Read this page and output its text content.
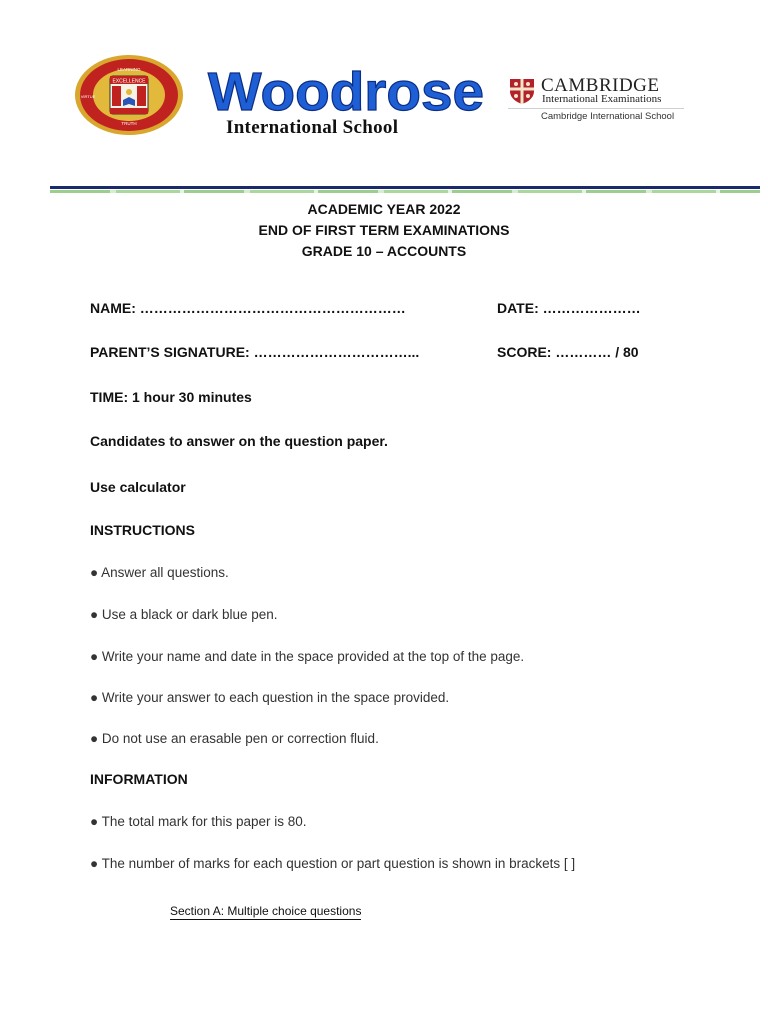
EXCELLENCE
LEARNING
TRUTH
VIRTUE Woodrose
International School
CAMBRIDGE
International Examinations
Cambridge International School
ACADEMIC YEAR 2022
END OF FIRST TERM EXAMINATIONS
GRADE 10 – ACCOUNTS
NAME: …………………………………………………	DATE: …………………
PARENT’S SIGNATURE: ……………………………...	SCORE: ………… / 80
TIME: 1 hour 30 minutes
Candidates to answer on the question paper.
Use calculator
INSTRUCTIONS
● Answer all questions.
● Use a black or dark blue pen.
● Write your name and date in the space provided at the top of the page.
● Write your answer to each question in the space provided.
● Do not use an erasable pen or correction fluid.
INFORMATION
● The total mark for this paper is 80.
● The number of marks for each question or part question is shown in brackets [ ]
Section A: Multiple choice questions
